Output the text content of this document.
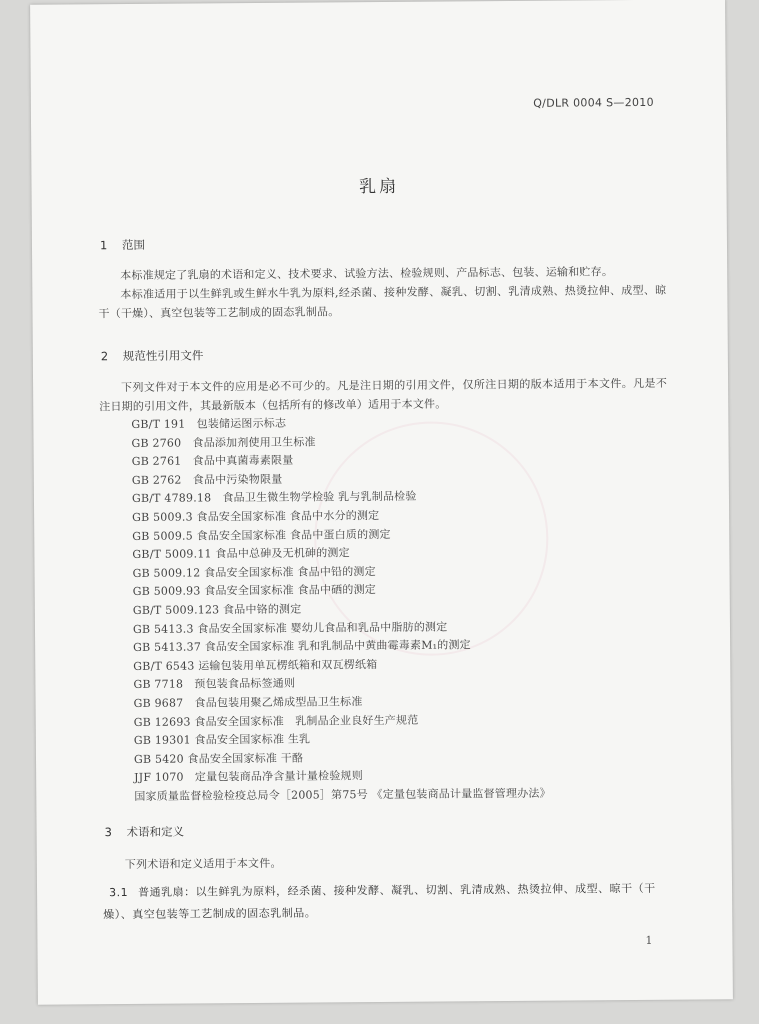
Q/DLR 0004 S—2010
乳扇
1 范围
本标准规定了乳扇的术语和定义、技术要求、试验方法、检验规则、产品标志、包装、运输和贮存。
本标准适用于以生鲜乳或生鲜水牛乳为原料,经杀菌、接种发酵、凝乳、切割、乳清成熟、热烫拉伸、成型、晾干（干燥）、真空包装等工艺制成的固态乳制品。
2 规范性引用文件
下列文件对于本文件的应用是必不可少的。凡是注日期的引用文件，仅所注日期的版本适用于本文件。凡是不注日期的引用文件，其最新版本（包括所有的修改单）适用于本文件。
GB/T 191　包装储运图示标志
GB 2760　食品添加剂使用卫生标准
GB 2761　食品中真菌毒素限量
GB 2762　食品中污染物限量
GB/T 4789.18　食品卫生微生物学检验 乳与乳制品检验
GB 5009.3 食品安全国家标准 食品中水分的测定
GB 5009.5 食品安全国家标准 食品中蛋白质的测定
GB/T 5009.11 食品中总砷及无机砷的测定
GB 5009.12 食品安全国家标准 食品中铅的测定
GB 5009.93 食品安全国家标准 食品中硒的测定
GB/T 5009.123 食品中铬的测定
GB 5413.3 食品安全国家标准 婴幼儿食品和乳品中脂肪的测定
GB 5413.37 食品安全国家标准 乳和乳制品中黄曲霉毒素M₁的测定
GB/T 6543 运输包装用单瓦楞纸箱和双瓦楞纸箱
GB 7718　预包装食品标签通则
GB 9687　食品包装用聚乙烯成型品卫生标准
GB 12693 食品安全国家标准　乳制品企业良好生产规范
GB 19301 食品安全国家标准 生乳
GB 5420 食品安全国家标准 干酪
JJF 1070　定量包装商品净含量计量检验规则
国家质量监督检验检疫总局令［2005］第75号 《定量包装商品计量监督管理办法》
3 术语和定义
下列术语和定义适用于本文件。
3.1 普通乳扇：以生鲜乳为原料，经杀菌、接种发酵、凝乳、切割、乳清成熟、热烫拉伸、成型、晾干（干燥）、真空包装等工艺制成的固态乳制品。
1
